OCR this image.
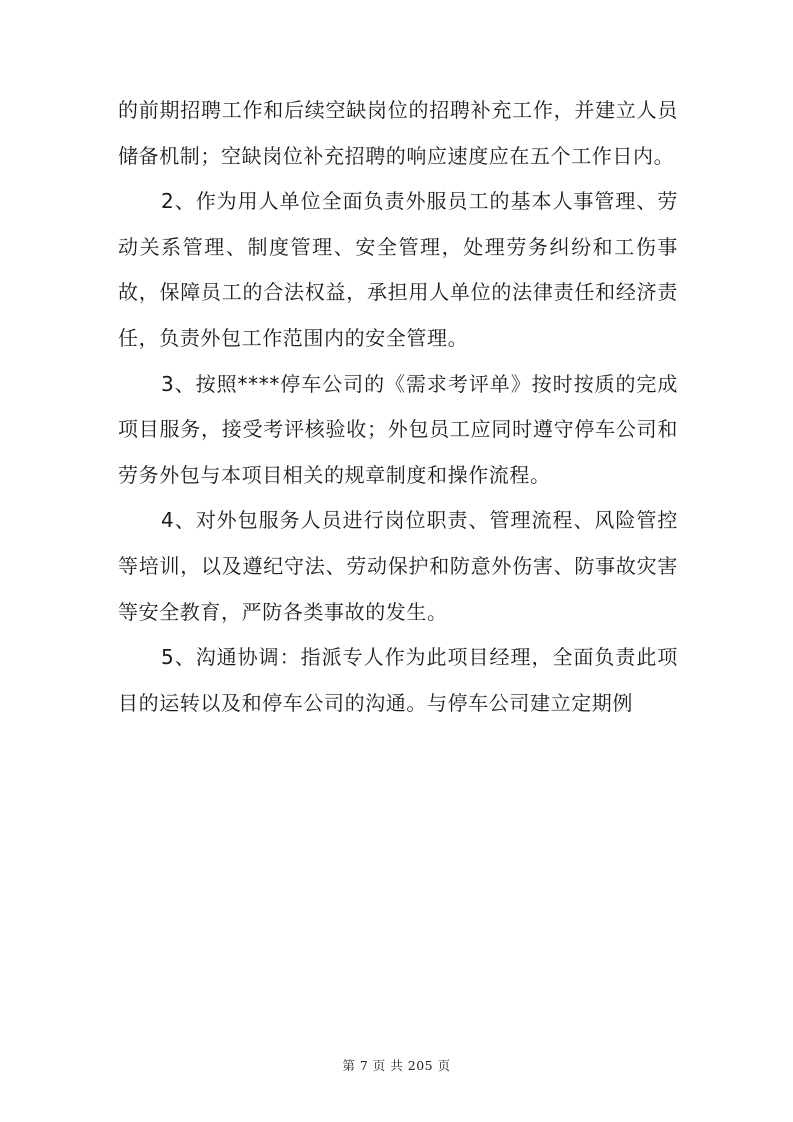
的前期招聘工作和后续空缺岗位的招聘补充工作，并建立人员储备机制；空缺岗位补充招聘的响应速度应在五个工作日内。

2、作为用人单位全面负责外服员工的基本人事管理、劳动关系管理、制度管理、安全管理，处理劳务纠纷和工伤事故，保障员工的合法权益，承担用人单位的法律责任和经济责任，负责外包工作范围内的安全管理。

3、按照****停车公司的《需求考评单》按时按质的完成项目服务，接受考评核验收；外包员工应同时遵守停车公司和劳务外包与本项目相关的规章制度和操作流程。

4、对外包服务人员进行岗位职责、管理流程、风险管控等培训，以及遵纪守法、劳动保护和防意外伤害、防事故灾害等安全教育，严防各类事故的发生。

5、沟通协调：指派专人作为此项目经理，全面负责此项目的运转以及和停车公司的沟通。与停车公司建立定期例

第 7 页 共 205 页
